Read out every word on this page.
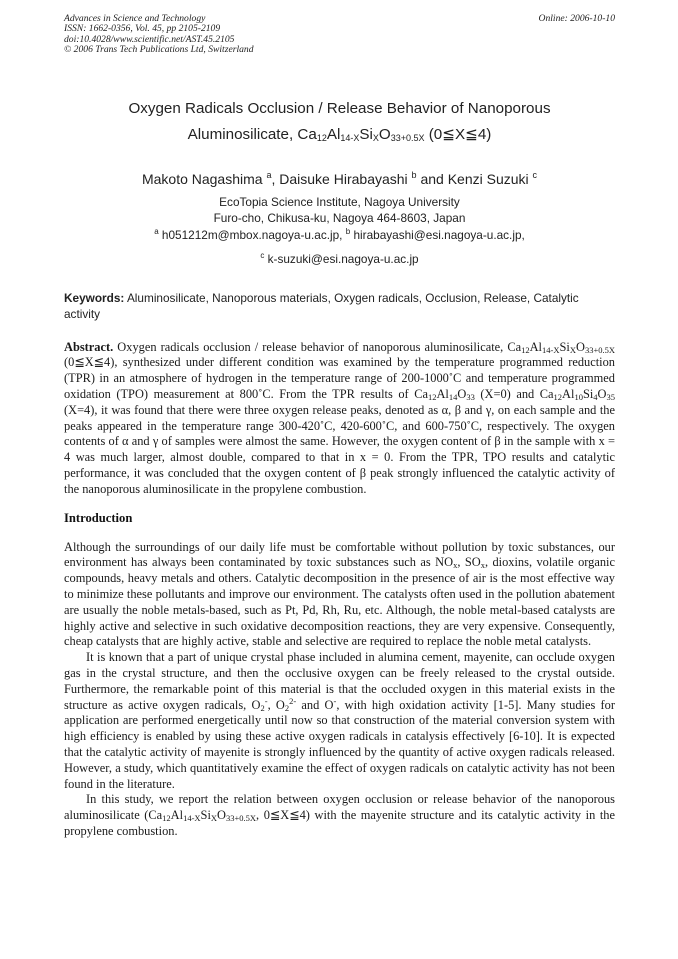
Advances in Science and Technology
ISSN: 1662-0356, Vol. 45, pp 2105-2109
doi:10.4028/www.scientific.net/AST.45.2105
© 2006 Trans Tech Publications Ltd, Switzerland
Online: 2006-10-10
Oxygen Radicals Occlusion / Release Behavior of Nanoporous
Aluminosilicate, $Ca_{12}Al_{14-X}Si_XO_{33+0.5X}$ (0≦X≦4)
Makoto Nagashima $^a$, Daisuke Hirabayashi $^b$ and Kenzi Suzuki $^c$
EcoTopia Science Institute, Nagoya University
Furo-cho, Chikusa-ku, Nagoya 464-8603, Japan
$^a$ h051212m@mbox.nagoya-u.ac.jp, $^b$ hirabayashi@esi.nagoya-u.ac.jp,
$^c$ k-suzuki@esi.nagoya-u.ac.jp
Keywords: Aluminosilicate, Nanoporous materials, Oxygen radicals, Occlusion, Release, Catalytic activity
Abstract. Oxygen radicals occlusion / release behavior of nanoporous aluminosilicate, $Ca_{12}Al_{14-X}Si_XO_{33+0.5X}$ (0≦X≦4), synthesized under different condition was examined by the temperature programmed reduction (TPR) in an atmosphere of hydrogen in the temperature range of 200-1000˚C and temperature programmed oxidation (TPO) measurement at 800˚C. From the TPR results of $Ca_{12}Al_{14}O_{33}$ (X=0) and $Ca_{12}Al_{10}Si_4O_{35}$ (X=4), it was found that there were three oxygen release peaks, denoted as α, β and γ, on each sample and the peaks appeared in the temperature range 300-420˚C, 420-600˚C, and 600-750˚C, respectively. The oxygen contents of α and γ of samples were almost the same. However, the oxygen content of β in the sample with x = 4 was much larger, almost double, compared to that in x = 0. From the TPR, TPO results and catalytic performance, it was concluded that the oxygen content of β peak strongly influenced the catalytic activity of the nanoporous aluminosilicate in the propylene combustion.
Introduction
Although the surroundings of our daily life must be comfortable without pollution by toxic substances, our environment has always been contaminated by toxic substances such as $NO_x$, $SO_x$, dioxins, volatile organic compounds, heavy metals and others. Catalytic decomposition in the presence of air is the most effective way to minimize these pollutants and improve our environment. The catalysts often used in the pollution abatement are usually the noble metals-based, such as Pt, Pd, Rh, Ru, etc. Although, the noble metal-based catalysts are highly active and selective in such oxidative decomposition reactions, they are very expensive. Consequently, cheap catalysts that are highly active, stable and selective are required to replace the noble metal catalysts.
It is known that a part of unique crystal phase included in alumina cement, mayenite, can occlude oxygen gas in the crystal structure, and then the occlusive oxygen can be freely released to the crystal outside. Furthermore, the remarkable point of this material is that the occluded oxygen in this material exists in the structure as active oxygen radicals, $O_2^-$, $O_2^{2-}$ and O-, with high oxidation activity [1-5]. Many studies for application are performed energetically until now so that construction of the material conversion system with high efficiency is enabled by using these active oxygen radicals in catalysis effectively [6-10]. It is expected that the catalytic activity of mayenite is strongly influenced by the quantity of active oxygen radicals released. However, a study, which quantitatively examine the effect of oxygen radicals on catalytic activity has not been found in the literature.
In this study, we report the relation between oxygen occlusion or release behavior of the nanoporous aluminosilicate ($Ca_{12}Al_{14-X}Si_XO_{33+0.5X}$, 0≦X≦4) with the mayenite structure and its catalytic activity in the propylene combustion.
